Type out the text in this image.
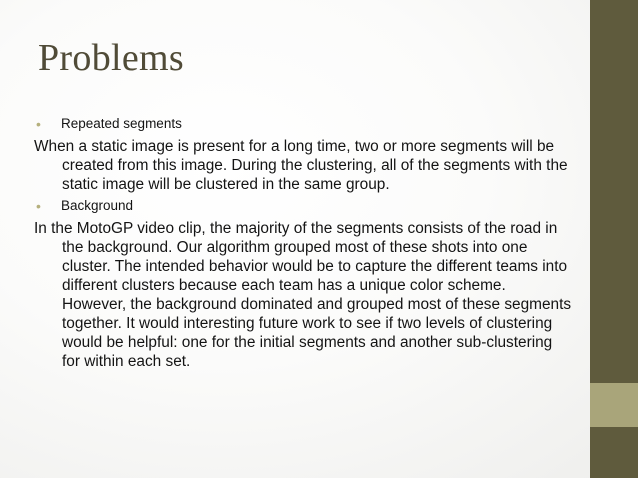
Problems
• Repeated segments

When a static image is present for a long time, two or more segments will be created from this image. During the clustering, all of the segments with the static image will be clustered in the same group.

• Background

In the MotoGP video clip, the majority of the segments consists of the road in the background. Our algorithm grouped most of these shots into one cluster. The intended behavior would be to capture the different teams into different clusters because each team has a unique color scheme. However, the background dominated and grouped most of these segments together. It would interesting future work to see if two levels of clustering would be helpful: one for the initial segments and another sub-clustering for within each set.
